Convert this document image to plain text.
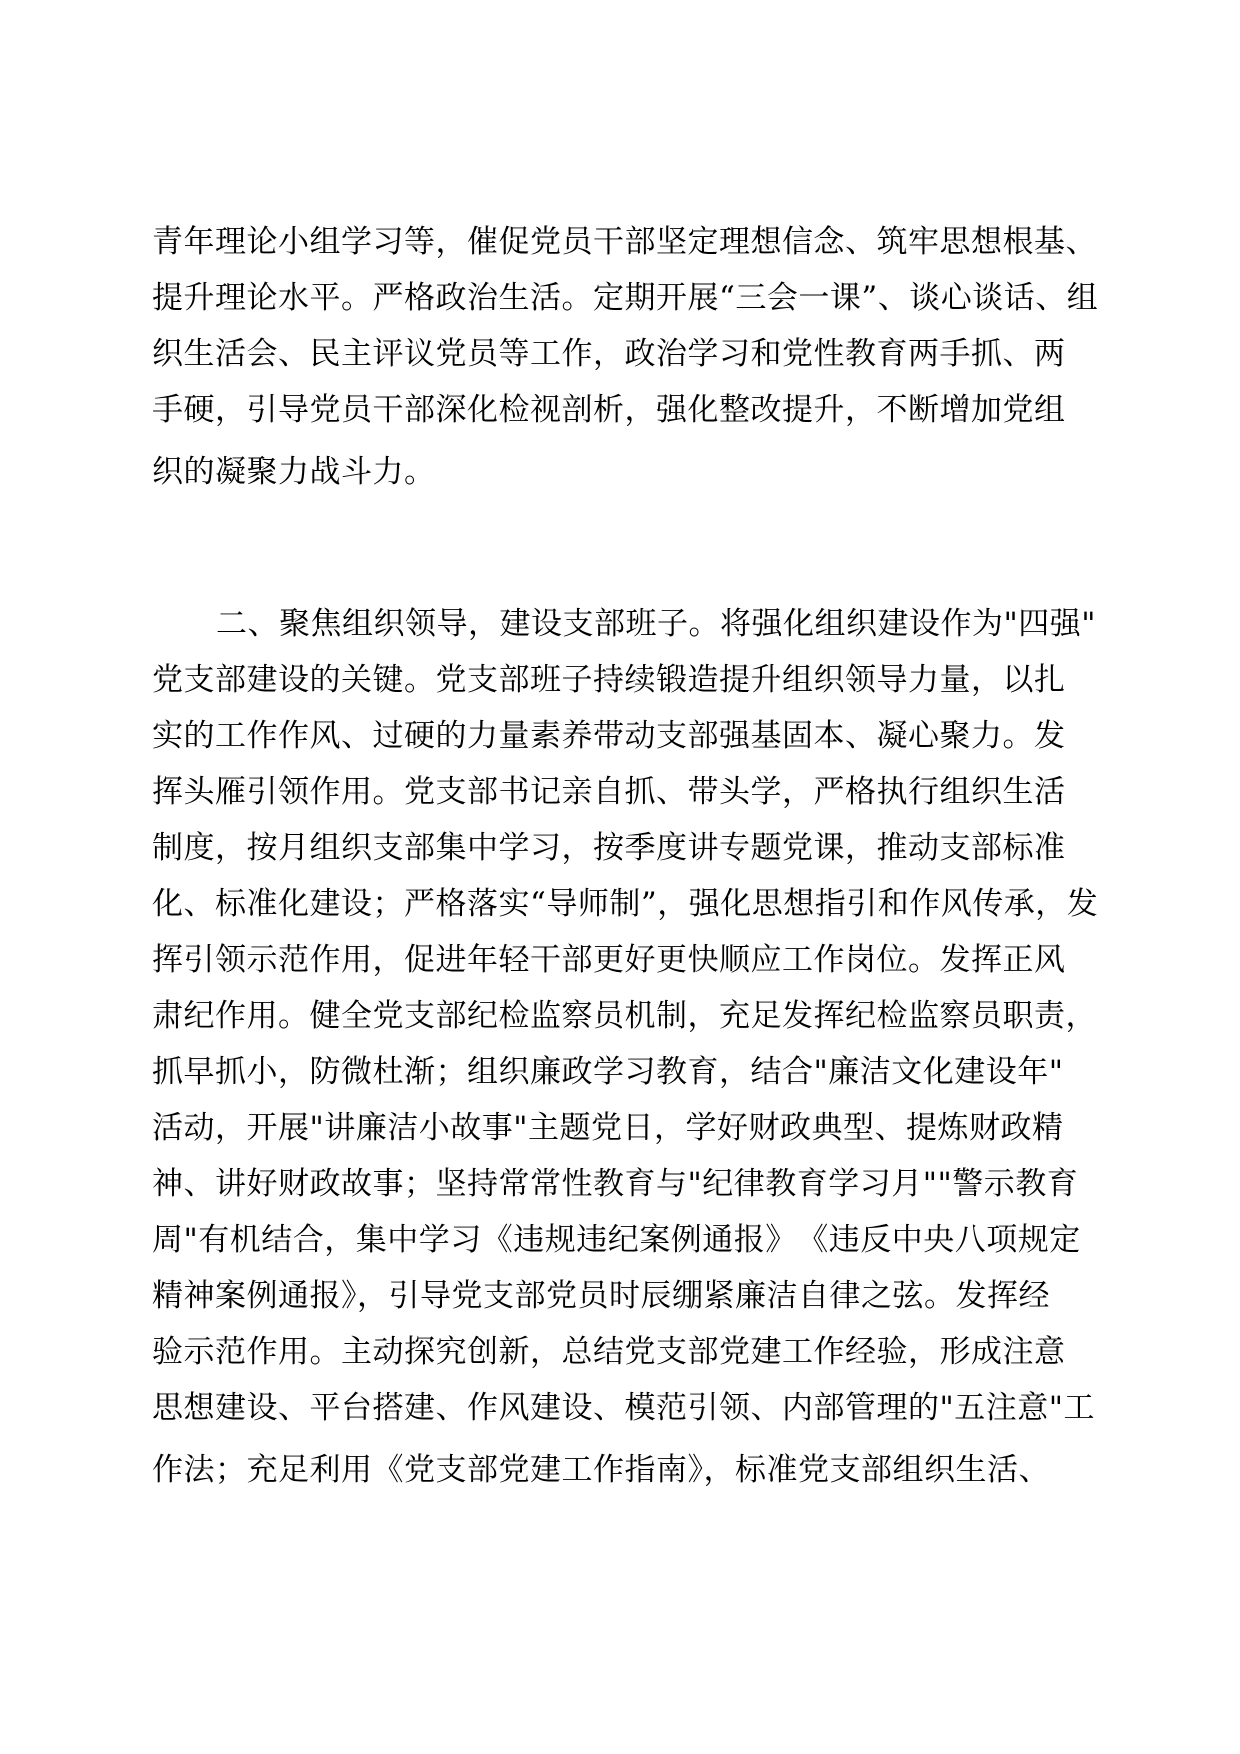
青年理论小组学习等，催促党员干部坚定理想信念、筑牢思想根基、
提升理论水平。严格政治生活。定期开展“三会一课”、谈心谈话、组
织生活会、民主评议党员等工作，政治学习和党性教育两手抓、两
手硬，引导党员干部深化检视剖析，强化整改提升，不断增加党组
织的凝聚力战斗力。
二、聚焦组织领导，建设支部班子。将强化组织建设作为"四强"
党支部建设的关键。党支部班子持续锻造提升组织领导力量，以扎
实的工作作风、过硬的力量素养带动支部强基固本、凝心聚力。发
挥头雁引领作用。党支部书记亲自抓、带头学，严格执行组织生活
制度，按月组织支部集中学习，按季度讲专题党课，推动支部标准
化、标准化建设；严格落实“导师制”，强化思想指引和作风传承，发
挥引领示范作用，促进年轻干部更好更快顺应工作岗位。发挥正风
肃纪作用。健全党支部纪检监察员机制，充足发挥纪检监察员职责，
抓早抓小，防微杜渐；组织廉政学习教育，结合"廉洁文化建设年"
活动，开展"讲廉洁小故事"主题党日，学好财政典型、提炼财政精
神、讲好财政故事；坚持常常性教育与"纪律教育学习月""警示教育
周"有机结合，集中学习《违规违纪案例通报》　《违反中央八项规定
精神案例通报》，引导党支部党员时辰绷紧廉洁自律之弦。发挥经
验示范作用。主动探究创新，总结党支部党建工作经验，形成注意
思想建设、平台搭建、作风建设、模范引领、内部管理的"五注意"工
作法；充足利用《党支部党建工作指南》，标准党支部组织生活、
